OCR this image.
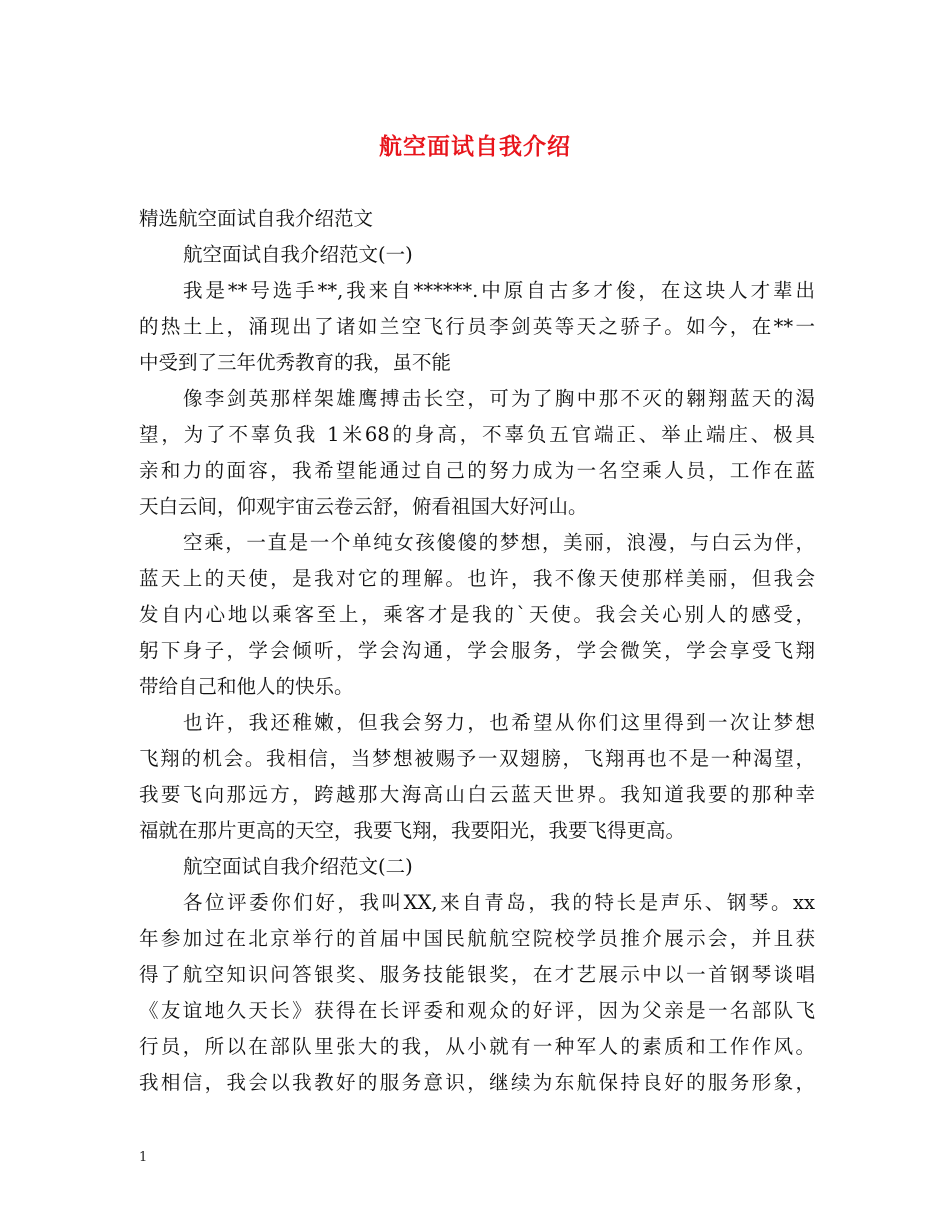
航空面试自我介绍
精选航空面试自我介绍范文
航空面试自我介绍范文(一)
我是**号选手**,我来自******.中原自古多才俊，在这块人才辈出
的热土上，涌现出了诸如兰空飞行员李剑英等天之骄子。如今，在**一
中受到了三年优秀教育的我，虽不能
像李剑英那样架雄鹰搏击长空，可为了胸中那不灭的翱翔蓝天的渴
望，为了不辜负我 1米68的身高，不辜负五官端正、举止端庄、极具
亲和力的面容，我希望能通过自己的努力成为一名空乘人员，工作在蓝
天白云间，仰观宇宙云卷云舒，俯看祖国大好河山。
空乘，一直是一个单纯女孩傻傻的梦想，美丽，浪漫，与白云为伴，
蓝天上的天使，是我对它的理解。也许，我不像天使那样美丽，但我会
发自内心地以乘客至上，乘客才是我的`天使。我会关心别人的感受，
躬下身子，学会倾听，学会沟通，学会服务，学会微笑，学会享受飞翔
带给自己和他人的快乐。
也许，我还稚嫩，但我会努力，也希望从你们这里得到一次让梦想
飞翔的机会。我相信，当梦想被赐予一双翅膀，飞翔再也不是一种渴望，
我要飞向那远方，跨越那大海高山白云蓝天世界。我知道我要的那种幸
福就在那片更高的天空，我要飞翔，我要阳光，我要飞得更高。
航空面试自我介绍范文(二)
各位评委你们好，我叫XX,来自青岛，我的特长是声乐、钢琴。xx
年参加过在北京举行的首届中国民航航空院校学员推介展示会，并且获
得了航空知识问答银奖、服务技能银奖，在才艺展示中以一首钢琴谈唱
《友谊地久天长》获得在长评委和观众的好评，因为父亲是一名部队飞
行员，所以在部队里张大的我，从小就有一种军人的素质和工作作风。
我相信，我会以我教好的服务意识，继续为东航保持良好的服务形象，
1
